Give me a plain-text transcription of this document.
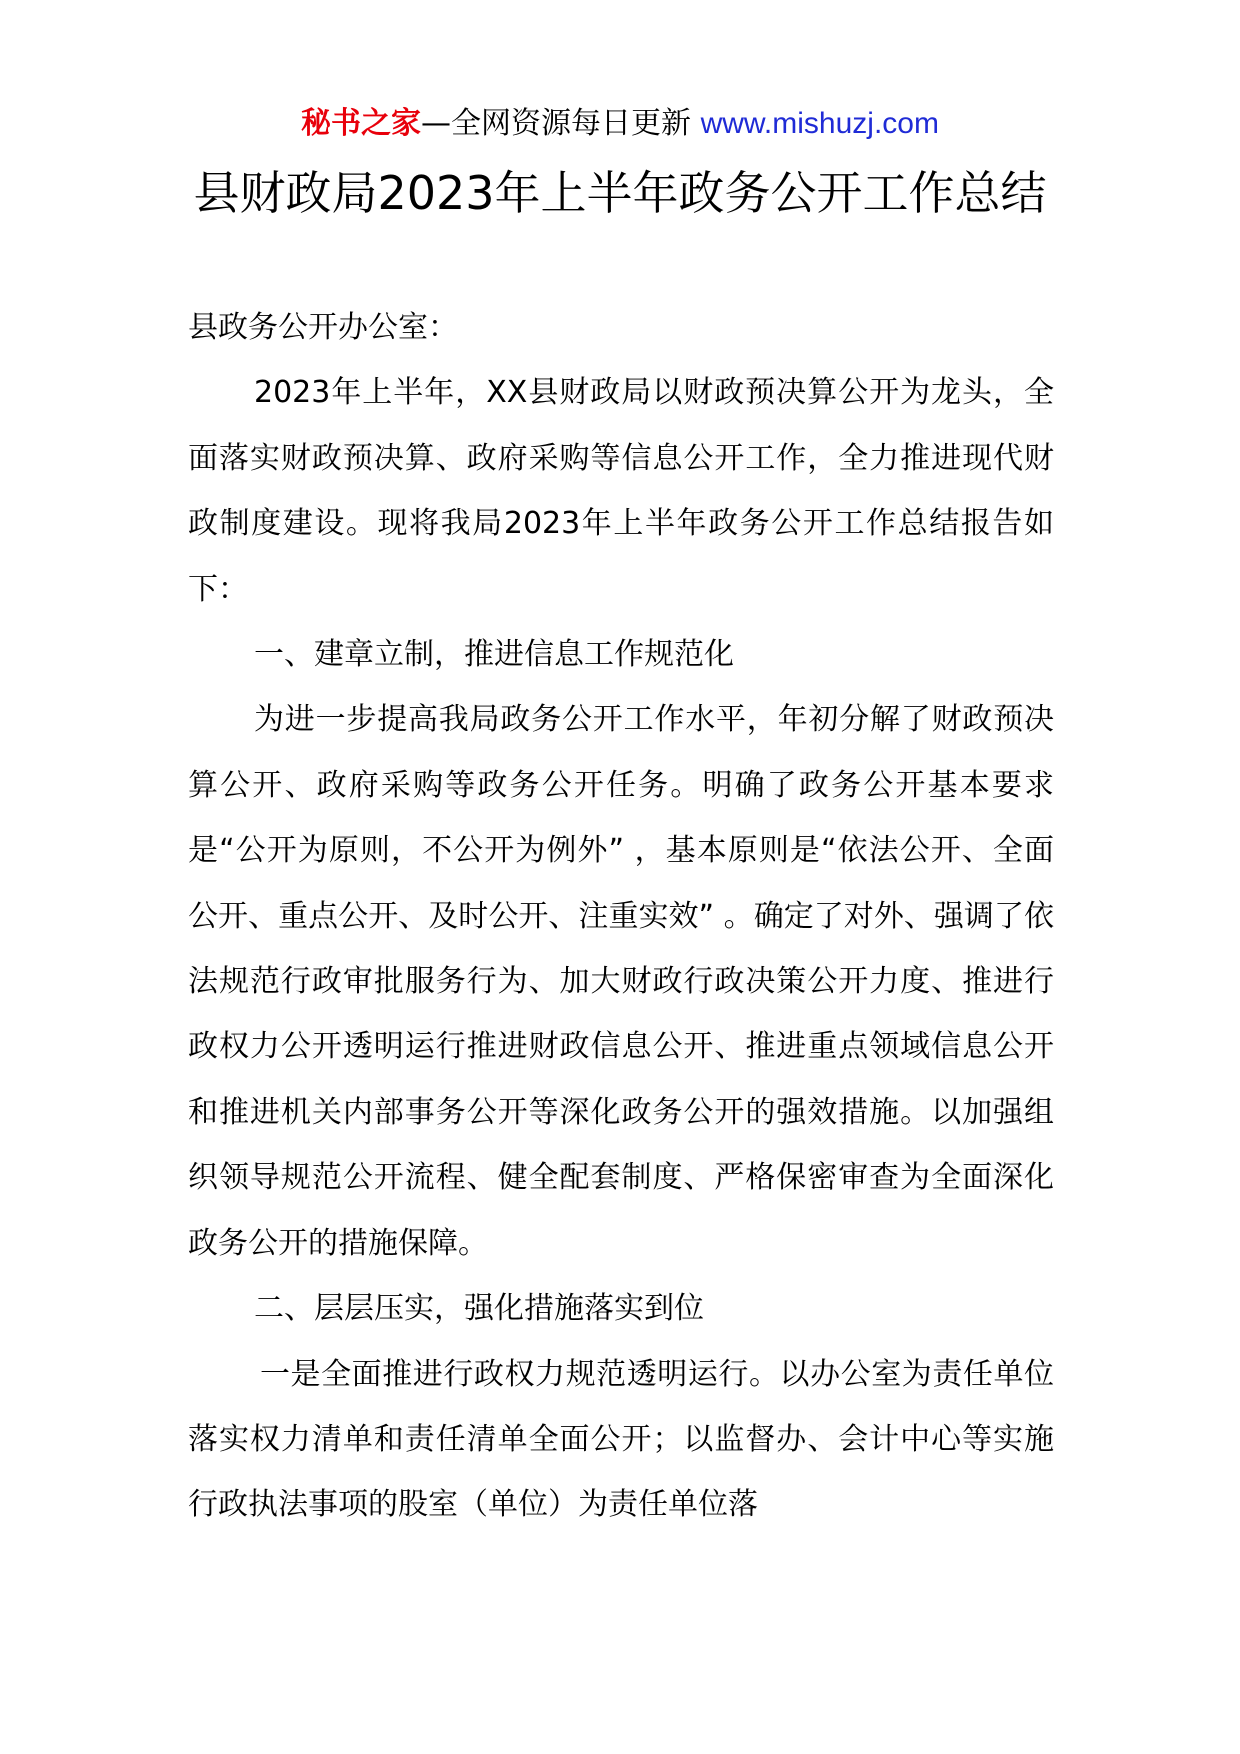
秘书之家—全网资源每日更新 www.mishuzj.com
县财政局2023年上半年政务公开工作总结

县政务公开办公室：

2023年上半年，XX县财政局以财政预决算公开为龙头，全面落实财政预决算、政府采购等信息公开工作，全力推进现代财政制度建设。现将我局2023年上半年政务公开工作总结报告如下：

一、建章立制，推进信息工作规范化

为进一步提高我局政务公开工作水平，年初分解了财政预决算公开、政府采购等政务公开任务。明确了政务公开基本要求是“公开为原则，不公开为例外” ，基本原则是“依法公开、全面公开、重点公开、及时公开、注重实效” 。确定了对外、强调了依法规范行政审批服务行为、加大财政行政决策公开力度、推进行政权力公开透明运行推进财政信息公开、推进重点领域信息公开和推进机关内部事务公开等深化政务公开的强效措施。以加强组织领导规范公开流程、健全配套制度、严格保密审查为全面深化政务公开的措施保障。

二、层层压实，强化措施落实到位

一是全面推进行政权力规范透明运行。以办公室为责任单位落实权力清单和责任清单全面公开；以监督办、会计中心等实施行政执法事项的股室（单位）为责任单位落
